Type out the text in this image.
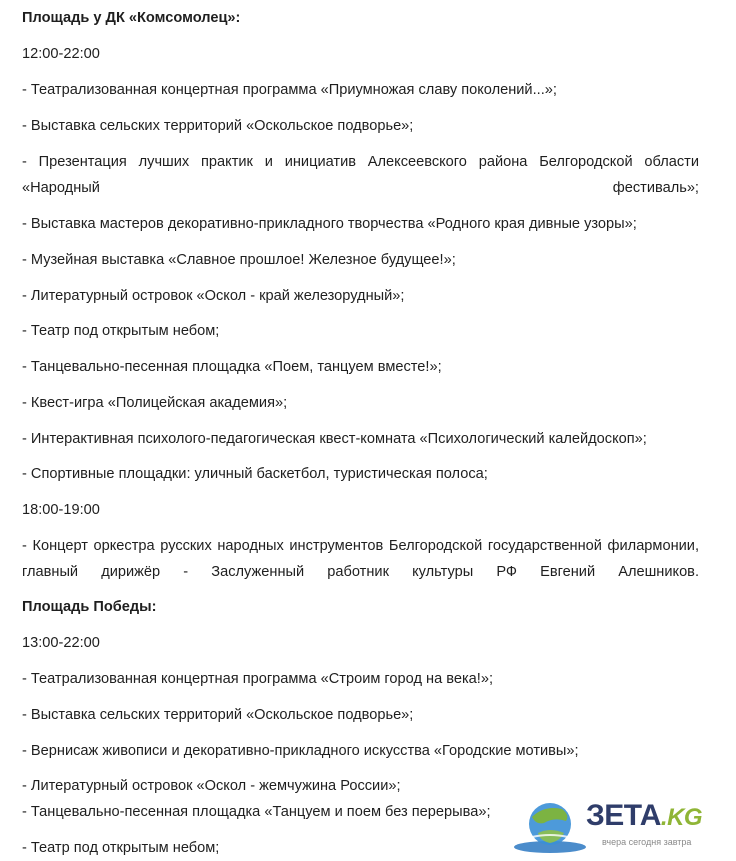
Площадь у ДК «Комсомолец»:
12:00-22:00
- Театрализованная концертная программа «Приумножая славу поколений...»;
- Выставка сельских территорий «Оскольское подворье»;
- Презентация лучших практик и инициатив Алексеевского района Белгородской области «Народный фестиваль»;
- Выставка мастеров декоративно-прикладного творчества «Родного края дивные узоры»;
- Музейная выставка «Славное прошлое! Железное будущее!»;
- Литературный островок «Оскол - край железорудный»;
- Театр под открытым небом;
- Танцевально-песенная площадка «Поем, танцуем вместе!»;
- Квест-игра «Полицейская академия»;
- Интерактивная психолого-педагогическая квест-комната «Психологический калейдоскоп»;
- Спортивные площадки: уличный баскетбол, туристическая полоса;
18:00-19:00
- Концерт оркестра русских народных инструментов Белгородской государственной филармонии, главный дирижёр - Заслуженный работник культуры РФ Евгений Алешников.
Площадь Победы:
13:00-22:00
- Театрализованная концертная программа «Строим город на века!»;
- Выставка сельских территорий «Оскольское подворье»;
- Вернисаж живописи и декоративно-прикладного искусства «Городские мотивы»;
- Литературный островок «Оскол - жемчужина России»;
- Танцевально-песенная площадка «Танцуем и поем без перерыва»;
- Театр под открытым небом;
ЗЕТА.KG
вчера сегодня завтра
